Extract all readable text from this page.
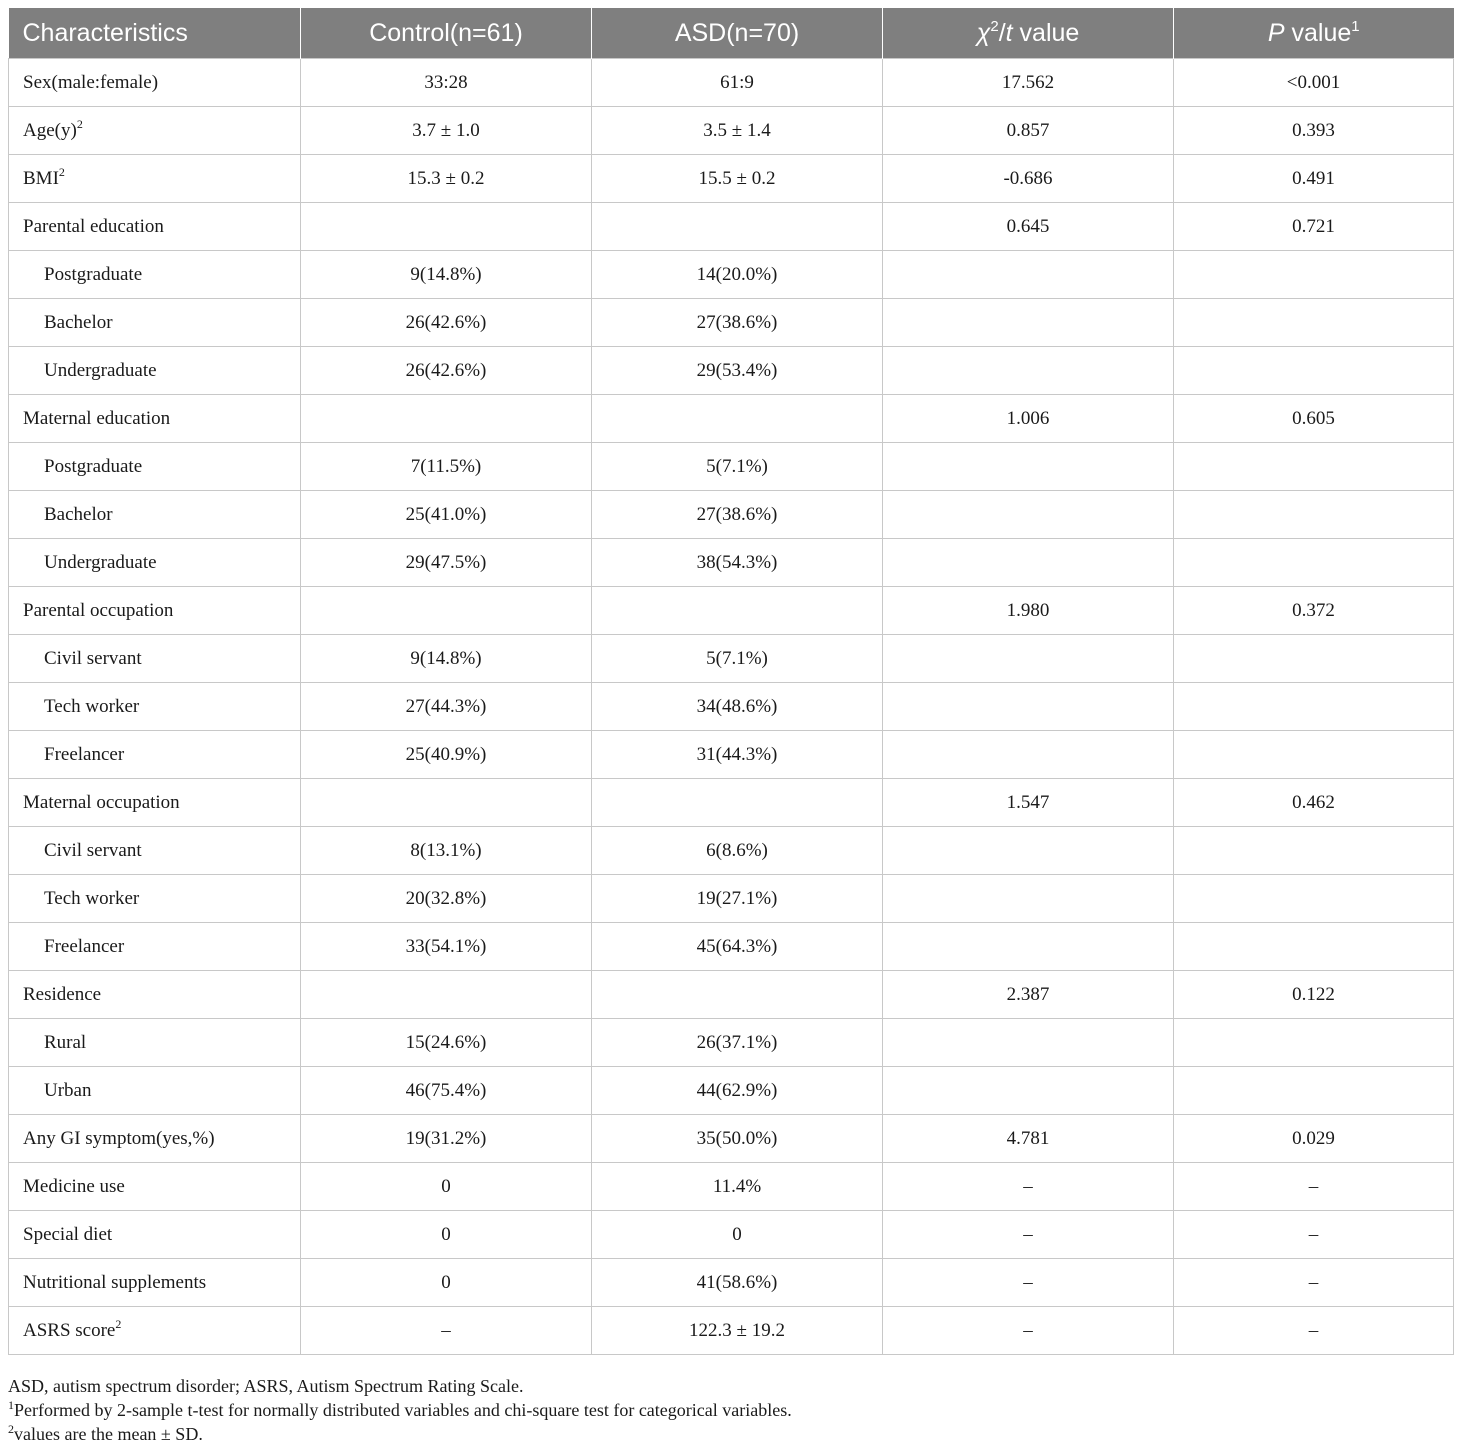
Characteristics	Control(n=61)	ASD(n=70)	$\chi^2/t$ value	P value$^1$
Sex(male:female)	33:28	61:9	17.562	<0.001
$Age(y)^2$	3.7 ± 1.0	3.5 ± 1.4	0.857	0.393
BMI$^2$	15.3 ± 0.2	15.5 ± 0.2	-0.686	0.491
Parental education			0.645	0.721
Postgraduate	9(14.8%)	14(20.0%)		
Bachelor	26(42.6%)	27(38.6%)		
Undergraduate	26(42.6%)	29(53.4%)		
Maternal education			1.006	0.605
Postgraduate	7(11.5%)	5(7.1%)		
Bachelor	25(41.0%)	27(38.6%)		
Undergraduate	29(47.5%)	38(54.3%)		
Parental occupation			1.980	0.372
Civil servant	9(14.8%)	5(7.1%)		
Tech worker	27(44.3%)	34(48.6%)		
Freelancer	25(40.9%)	31(44.3%)		
Maternal occupation			1.547	0.462
Civil servant	8(13.1%)	6(8.6%)		
Tech worker	20(32.8%)	19(27.1%)		
Freelancer	33(54.1%)	45(64.3%)		
Residence			2.387	0.122
Rural	15(24.6%)	26(37.1%)		
Urban	46(75.4%)	44(62.9%)		
Any GI symptom(yes,%)	19(31.2%)	35(50.0%)	4.781	0.029
Medicine use	0	11.4%	–	–
Special diet	0	0	–	–
Nutritional supplements	0	41(58.6%)	–	–
ASRS score$^2$	–	122.3 ± 19.2	–	–
ASD, autism spectrum disorder; ASRS, Autism Spectrum Rating Scale.
$^1$Performed by 2-sample t-test for normally distributed variables and chi-square test for categorical variables.
$^2$values are the mean ± SD.
